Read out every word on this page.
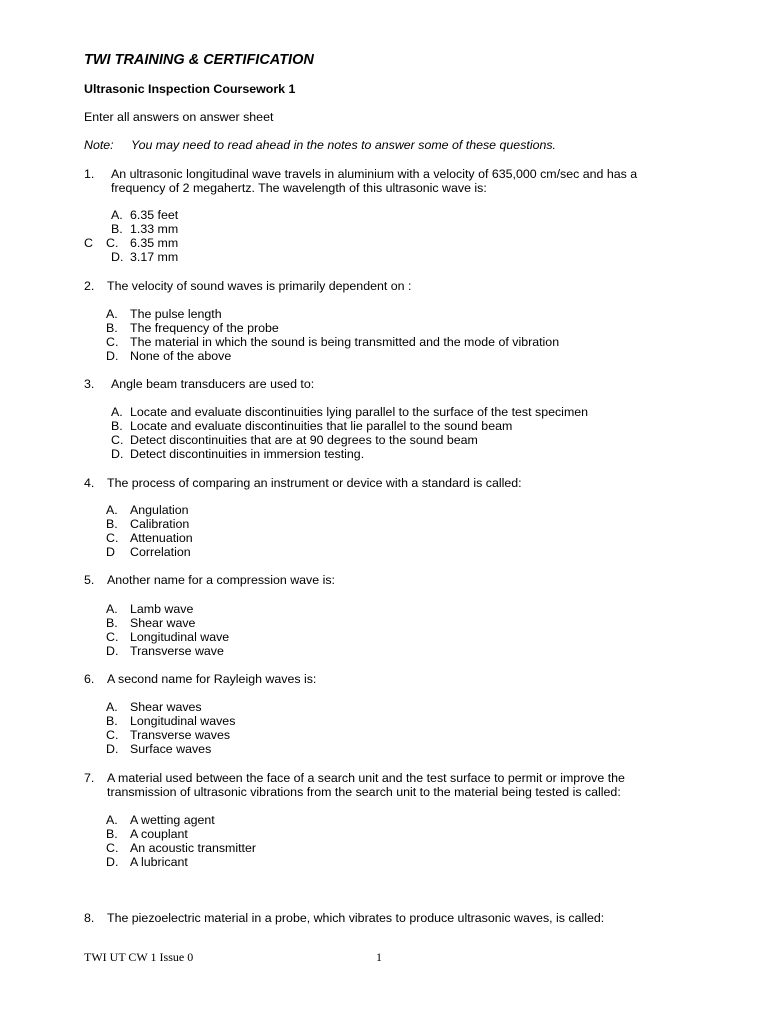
TWI TRAINING & CERTIFICATION
Ultrasonic Inspection Coursework 1
Enter all answers on answer sheet
Note: You may need to read ahead in the notes to answer some of these questions.
1. An ultrasonic longitudinal wave travels in aluminium with a velocity of 635,000 cm/sec and has a
frequency of 2 megahertz. The wavelength of this ultrasonic wave is:
A. 6.35 feet
B. 1.33 mm
C C. 6.35 mm
D. 3.17 mm
2. The velocity of sound waves is primarily dependent on :
A. The pulse length
B. The frequency of the probe
C. The material in which the sound is being transmitted and the mode of vibration
D. None of the above
3. Angle beam transducers are used to:
A. Locate and evaluate discontinuities lying parallel to the surface of the test specimen
B. Locate and evaluate discontinuities that lie parallel to the sound beam
C. Detect discontinuities that are at 90 degrees to the sound beam
D. Detect discontinuities in immersion testing.
4. The process of comparing an instrument or device with a standard is called:
A. Angulation
B. Calibration
C. Attenuation
D Correlation
5. Another name for a compression wave is:
A. Lamb wave
B. Shear wave
C. Longitudinal wave
D. Transverse wave
6. A second name for Rayleigh waves is:
A. Shear waves
B. Longitudinal waves
C. Transverse waves
D. Surface waves
7. A material used between the face of a search unit and the test surface to permit or improve the
transmission of ultrasonic vibrations from the search unit to the material being tested is called:
A. A wetting agent
B. A couplant
C. An acoustic transmitter
D. A lubricant
8. The piezoelectric material in a probe, which vibrates to produce ultrasonic waves, is called:
TWI UT CW 1 Issue 0	1
